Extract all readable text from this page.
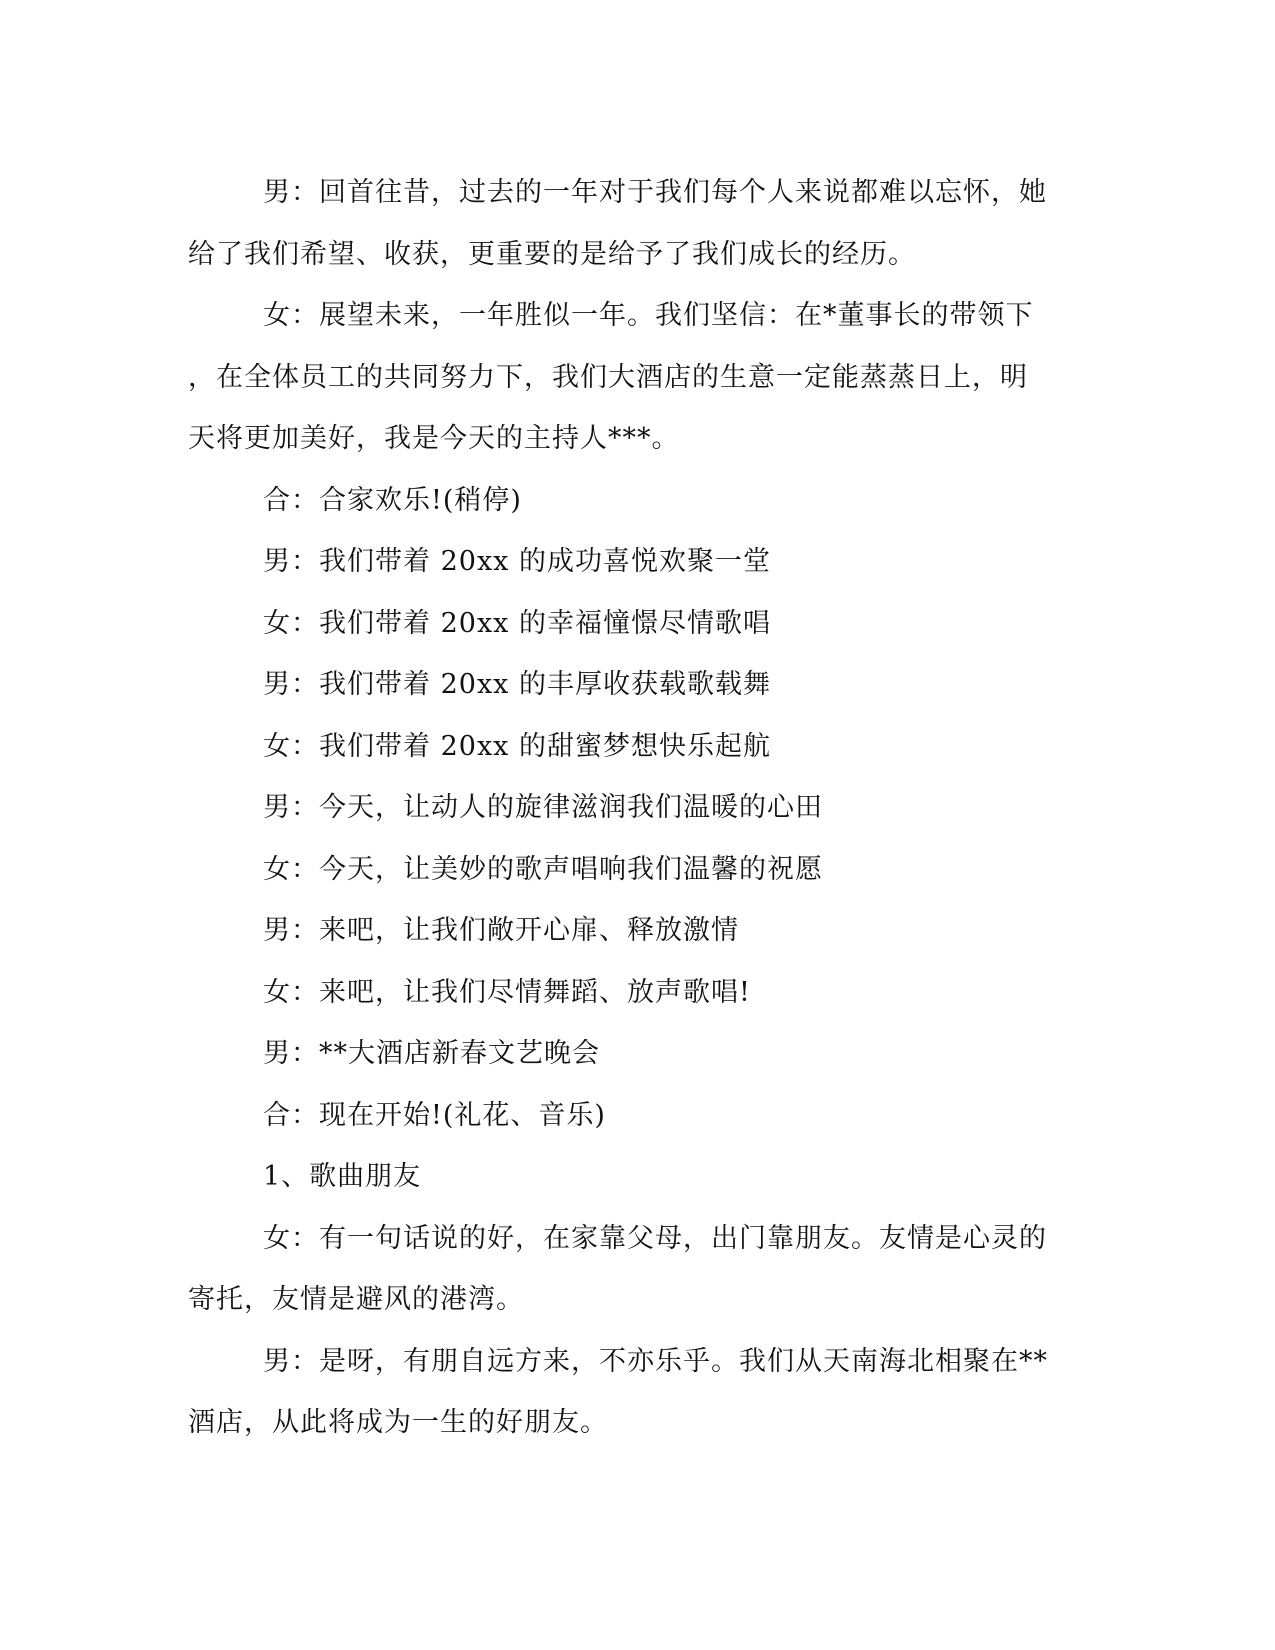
男：回首往昔，过去的一年对于我们每个人来说都难以忘怀，她
给了我们希望、收获，更重要的是给予了我们成长的经历。

女：展望未来，一年胜似一年。我们坚信：在*董事长的带领下
，在全体员工的共同努力下，我们大酒店的生意一定能蒸蒸日上，明
天将更加美好，我是今天的主持人***。

合：合家欢乐!(稍停)

男：我们带着 20xx 的成功喜悦欢聚一堂

女：我们带着 20xx 的幸福憧憬尽情歌唱

男：我们带着 20xx 的丰厚收获载歌载舞

女：我们带着 20xx 的甜蜜梦想快乐起航

男：今天，让动人的旋律滋润我们温暖的心田

女：今天，让美妙的歌声唱响我们温馨的祝愿

男：来吧，让我们敞开心扉、释放激情

女：来吧，让我们尽情舞蹈、放声歌唱!

男：**大酒店新春文艺晚会

合：现在开始!(礼花、音乐)

1、歌曲朋友

女：有一句话说的好，在家靠父母，出门靠朋友。友情是心灵的
寄托，友情是避风的港湾。

男：是呀，有朋自远方来，不亦乐乎。我们从天南海北相聚在**
酒店，从此将成为一生的好朋友。
